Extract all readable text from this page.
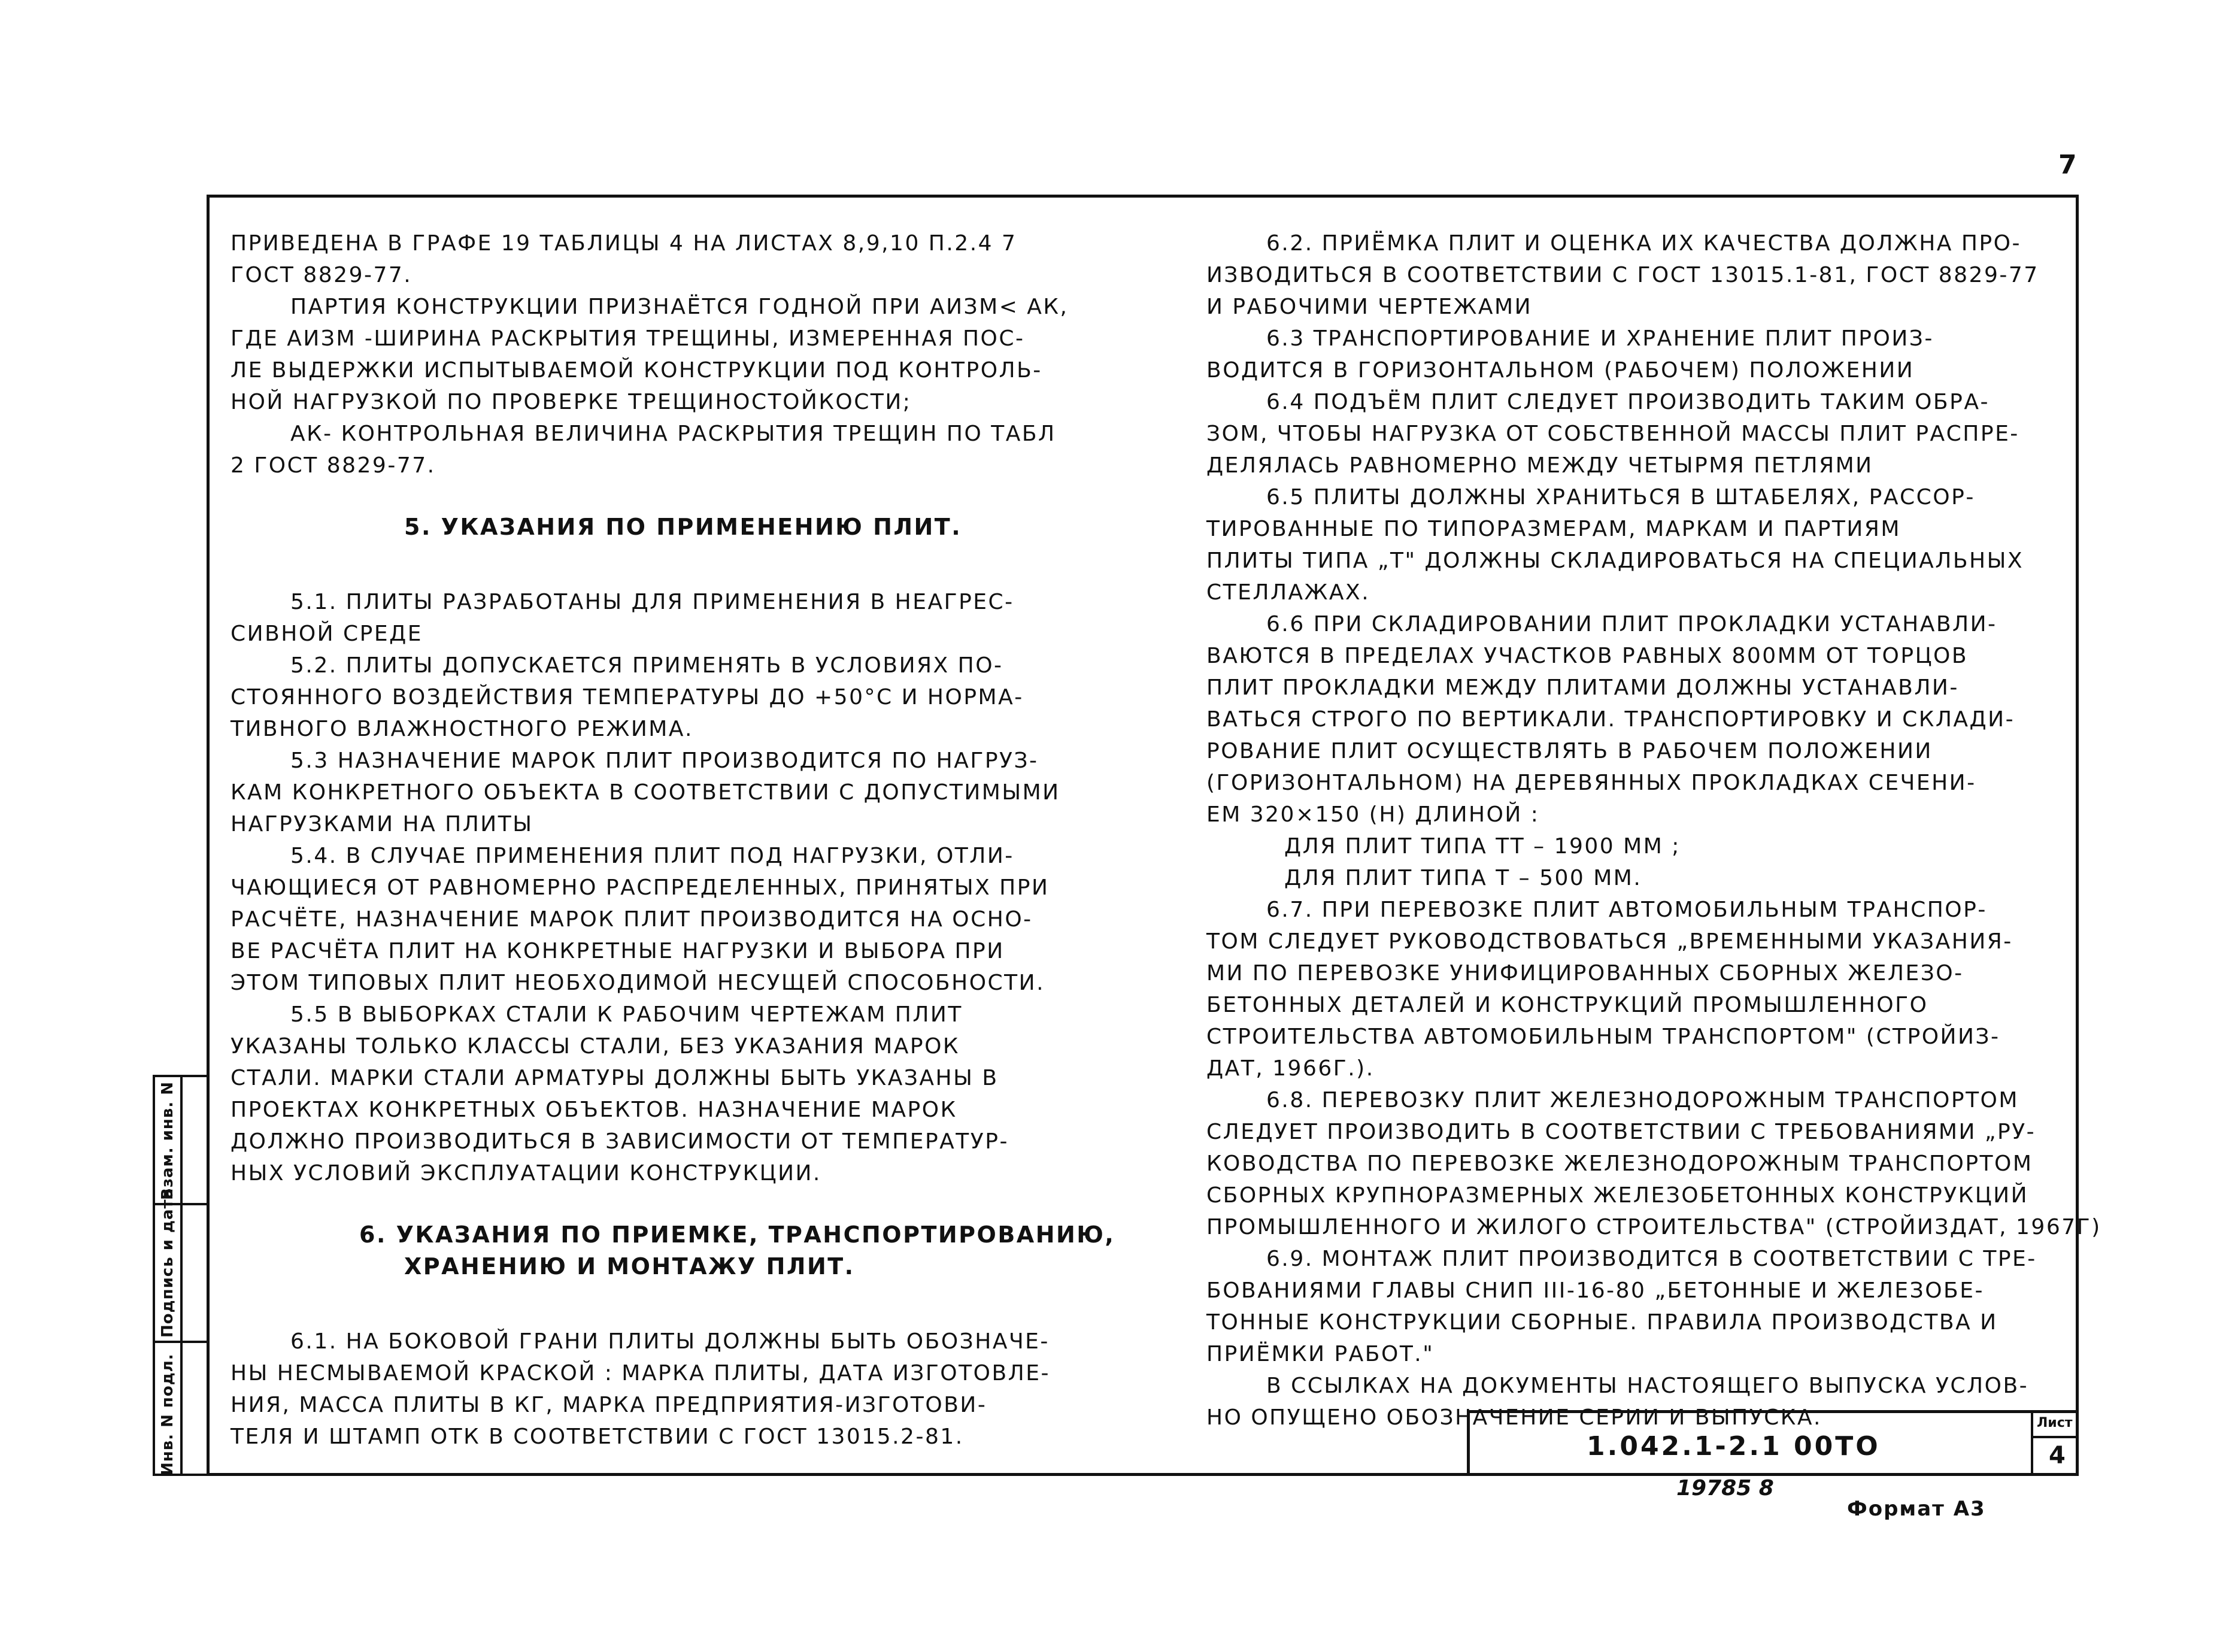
7
Взам. инв. N
Подпись и дата
Инв. N подл.
ПРИВЕДЕНА В ГРАФЕ 19 ТАБЛИЦЫ 4 НА ЛИСТАХ 8,9,10 П.2.4 7
ГОСТ 8829-77.
ПАРТИЯ КОНСТРУКЦИИ ПРИЗНАЁТСЯ ГОДНОЙ ПРИ АИЗМ< АК,
ГДЕ АИЗМ -ШИРИНА РАСКРЫТИЯ ТРЕЩИНЫ, ИЗМЕРЕННАЯ ПОС-
ЛЕ ВЫДЕРЖКИ ИСПЫТЫВАЕМОЙ КОНСТРУКЦИИ ПОД КОНТРОЛЬ-
НОЙ НАГРУЗКОЙ ПО ПРОВЕРКЕ ТРЕЩИНОСТОЙКОСТИ;
АК- КОНТРОЛЬНАЯ ВЕЛИЧИНА РАСКРЫТИЯ ТРЕЩИН ПО ТАБЛ
2 ГОСТ 8829-77.
5. УКАЗАНИЯ ПО ПРИМЕНЕНИЮ ПЛИТ.
5.1. ПЛИТЫ РАЗРАБОТАНЫ ДЛЯ ПРИМЕНЕНИЯ В НЕАГРЕС-
СИВНОЙ СРЕДЕ
5.2. ПЛИТЫ ДОПУСКАЕТСЯ ПРИМЕНЯТЬ В УСЛОВИЯХ ПО-
СТОЯННОГО ВОЗДЕЙСТВИЯ ТЕМПЕРАТУРЫ ДО +50°С И НОРМА-
ТИВНОГО ВЛАЖНОСТНОГО РЕЖИМА.
5.3 НАЗНАЧЕНИЕ МАРОК ПЛИТ ПРОИЗВОДИТСЯ ПО НАГРУЗ-
КАМ КОНКРЕТНОГО ОБЪЕКТА В СООТВЕТСТВИИ С ДОПУСТИМЫМИ
НАГРУЗКАМИ НА ПЛИТЫ
5.4. В СЛУЧАЕ ПРИМЕНЕНИЯ ПЛИТ ПОД НАГРУЗКИ, ОТЛИ-
ЧАЮЩИЕСЯ ОТ РАВНОМЕРНО РАСПРЕДЕЛЕННЫХ, ПРИНЯТЫХ ПРИ
РАСЧЁТЕ, НАЗНАЧЕНИЕ МАРОК ПЛИТ ПРОИЗВОДИТСЯ НА ОСНО-
ВЕ РАСЧЁТА ПЛИТ НА КОНКРЕТНЫЕ НАГРУЗКИ И ВЫБОРА ПРИ
ЭТОМ ТИПОВЫХ ПЛИТ НЕОБХОДИМОЙ НЕСУЩЕЙ СПОСОБНОСТИ.
5.5 В ВЫБОРКАХ СТАЛИ К РАБОЧИМ ЧЕРТЕЖАМ ПЛИТ
УКАЗАНЫ ТОЛЬКО КЛАССЫ СТАЛИ, БЕЗ УКАЗАНИЯ МАРОК
СТАЛИ. МАРКИ СТАЛИ АРМАТУРЫ ДОЛЖНЫ БЫТЬ УКАЗАНЫ В
ПРОЕКТАХ КОНКРЕТНЫХ ОБЪЕКТОВ. НАЗНАЧЕНИЕ МАРОК
ДОЛЖНО ПРОИЗВОДИТЬСЯ В ЗАВИСИМОСТИ ОТ ТЕМПЕРАТУР-
НЫХ УСЛОВИЙ ЭКСПЛУАТАЦИИ КОНСТРУКЦИИ.
6. УКАЗАНИЯ ПО ПРИЕМКЕ, ТРАНСПОРТИРОВАНИЮ,
ХРАНЕНИЮ И МОНТАЖУ ПЛИТ.
6.1. НА БОКОВОЙ ГРАНИ ПЛИТЫ ДОЛЖНЫ БЫТЬ ОБОЗНАЧЕ-
НЫ НЕСМЫВАЕМОЙ КРАСКОЙ : МАРКА ПЛИТЫ, ДАТА ИЗГОТОВЛЕ-
НИЯ, МАССА ПЛИТЫ В КГ, МАРКА ПРЕДПРИЯТИЯ-ИЗГОТОВИ-
ТЕЛЯ И ШТАМП ОТК В СООТВЕТСТВИИ С ГОСТ 13015.2-81.
6.2. ПРИЁМКА ПЛИТ И ОЦЕНКА ИХ КАЧЕСТВА ДОЛЖНА ПРО-
ИЗВОДИТЬСЯ В СООТВЕТСТВИИ С ГОСТ 13015.1-81, ГОСТ 8829-77
И РАБОЧИМИ ЧЕРТЕЖАМИ
6.3 ТРАНСПОРТИРОВАНИЕ И ХРАНЕНИЕ ПЛИТ ПРОИЗ-
ВОДИТСЯ В ГОРИЗОНТАЛЬНОМ (РАБОЧЕМ) ПОЛОЖЕНИИ
6.4 ПОДЪЁМ ПЛИТ СЛЕДУЕТ ПРОИЗВОДИТЬ ТАКИМ ОБРА-
ЗОМ, ЧТОБЫ НАГРУЗКА ОТ СОБСТВЕННОЙ МАССЫ ПЛИТ РАСПРЕ-
ДЕЛЯЛАСЬ РАВНОМЕРНО МЕЖДУ ЧЕТЫРМЯ ПЕТЛЯМИ
6.5 ПЛИТЫ ДОЛЖНЫ ХРАНИТЬСЯ В ШТАБЕЛЯХ, РАССОР-
ТИРОВАННЫЕ ПО ТИПОРАЗМЕРАМ, МАРКАМ И ПАРТИЯМ
ПЛИТЫ ТИПА „Т" ДОЛЖНЫ СКЛАДИРОВАТЬСЯ НА СПЕЦИАЛЬНЫХ
СТЕЛЛАЖАХ.
6.6 ПРИ СКЛАДИРОВАНИИ ПЛИТ ПРОКЛАДКИ УСТАНАВЛИ-
ВАЮТСЯ В ПРЕДЕЛАХ УЧАСТКОВ РАВНЫХ 800ММ ОТ ТОРЦОВ
ПЛИТ ПРОКЛАДКИ МЕЖДУ ПЛИТАМИ ДОЛЖНЫ УСТАНАВЛИ-
ВАТЬСЯ СТРОГО ПО ВЕРТИКАЛИ. ТРАНСПОРТИРОВКУ И СКЛАДИ-
РОВАНИЕ ПЛИТ ОСУЩЕСТВЛЯТЬ В РАБОЧЕМ ПОЛОЖЕНИИ
(ГОРИЗОНТАЛЬНОМ) НА ДЕРЕВЯННЫХ ПРОКЛАДКАХ СЕЧЕНИ-
ЕМ 320×150 (H) ДЛИНОЙ :
ДЛЯ ПЛИТ ТИПА ТТ – 1900 ММ ;
ДЛЯ ПЛИТ ТИПА Т – 500 ММ.
6.7. ПРИ ПЕРЕВОЗКЕ ПЛИТ АВТОМОБИЛЬНЫМ ТРАНСПОР-
ТОМ СЛЕДУЕТ РУКОВОДСТВОВАТЬСЯ „ВРЕМЕННЫМИ УКАЗАНИЯ-
МИ ПО ПЕРЕВОЗКЕ УНИФИЦИРОВАННЫХ СБОРНЫХ ЖЕЛЕЗО-
БЕТОННЫХ ДЕТАЛЕЙ И КОНСТРУКЦИЙ ПРОМЫШЛЕННОГО
СТРОИТЕЛЬСТВА АВТОМОБИЛЬНЫМ ТРАНСПОРТОМ" (СТРОЙИЗ-
ДАТ, 1966Г.).
6.8. ПЕРЕВОЗКУ ПЛИТ ЖЕЛЕЗНОДОРОЖНЫМ ТРАНСПОРТОМ
СЛЕДУЕТ ПРОИЗВОДИТЬ В СООТВЕТСТВИИ С ТРЕБОВАНИЯМИ „РУ-
КОВОДСТВА ПО ПЕРЕВОЗКЕ ЖЕЛЕЗНОДОРОЖНЫМ ТРАНСПОРТОМ
СБОРНЫХ КРУПНОРАЗМЕРНЫХ ЖЕЛЕЗОБЕТОННЫХ КОНСТРУКЦИЙ
ПРОМЫШЛЕННОГО И ЖИЛОГО СТРОИТЕЛЬСТВА" (СТРОЙИЗДАТ, 1967Г)
6.9. МОНТАЖ ПЛИТ ПРОИЗВОДИТСЯ В СООТВЕТСТВИИ С ТРЕ-
БОВАНИЯМИ ГЛАВЫ СНИП III-16-80 „БЕТОННЫЕ И ЖЕЛЕЗОБЕ-
ТОННЫЕ КОНСТРУКЦИИ СБОРНЫЕ. ПРАВИЛА ПРОИЗВОДСТВА И
ПРИЁМКИ РАБОТ."
В ССЫЛКАХ НА ДОКУМЕНТЫ НАСТОЯЩЕГО ВЫПУСКА УСЛОВ-
НО ОПУЩЕНО ОБОЗНАЧЕНИЕ СЕРИИ И ВЫПУСКА.
1.042.1-2.1 00ТО
Лист
4
19785 8
Формат А3
